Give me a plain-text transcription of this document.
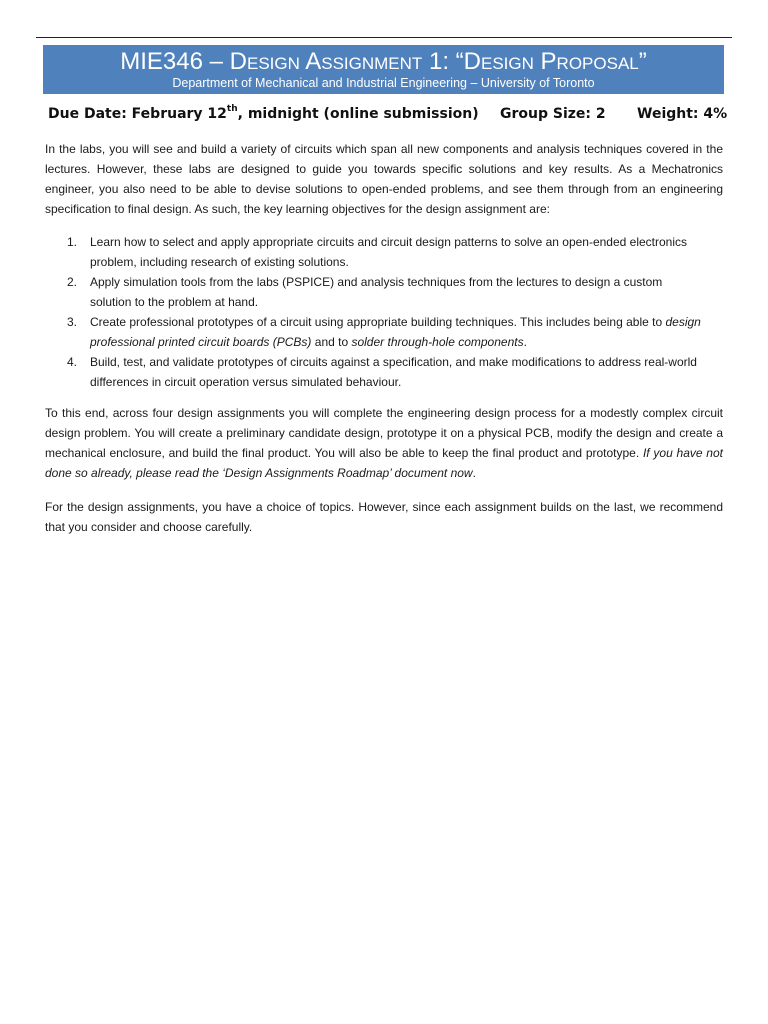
MIE346 – Design Assignment 1: “Design Proposal”
Department of Mechanical and Industrial Engineering – University of Toronto
Due Date: February 12th, midnight (online submission) Group Size: 2 Weight: 4%

In the labs, you will see and build a variety of circuits which span all new components and analysis techniques covered in the lectures. However, these labs are designed to guide you towards specific solutions and key results. As a Mechatronics engineer, you also need to be able to devise solutions to open-ended problems, and see them through from an engineering specification to final design. As such, the key learning objectives for the design assignment are:

1. Learn how to select and apply appropriate circuits and circuit design patterns to solve an open-ended electronics problem, including research of existing solutions.
2. Apply simulation tools from the labs (PSPICE) and analysis techniques from the lectures to design a custom solution to the problem at hand.
3. Create professional prototypes of a circuit using appropriate building techniques. This includes being able to design professional printed circuit boards (PCBs) and to solder through-hole components.
4. Build, test, and validate prototypes of circuits against a specification, and make modifications to address real-world differences in circuit operation versus simulated behaviour.

To this end, across four design assignments you will complete the engineering design process for a modestly complex circuit design problem. You will create a preliminary candidate design, prototype it on a physical PCB, modify the design and create a mechanical enclosure, and build the final product. You will also be able to keep the final product and prototype. If you have not done so already, please read the ‘Design Assignments Roadmap’ document now.

For the design assignments, you have a choice of topics. However, since each assignment builds on the last, we recommend that you consider and choose carefully.
